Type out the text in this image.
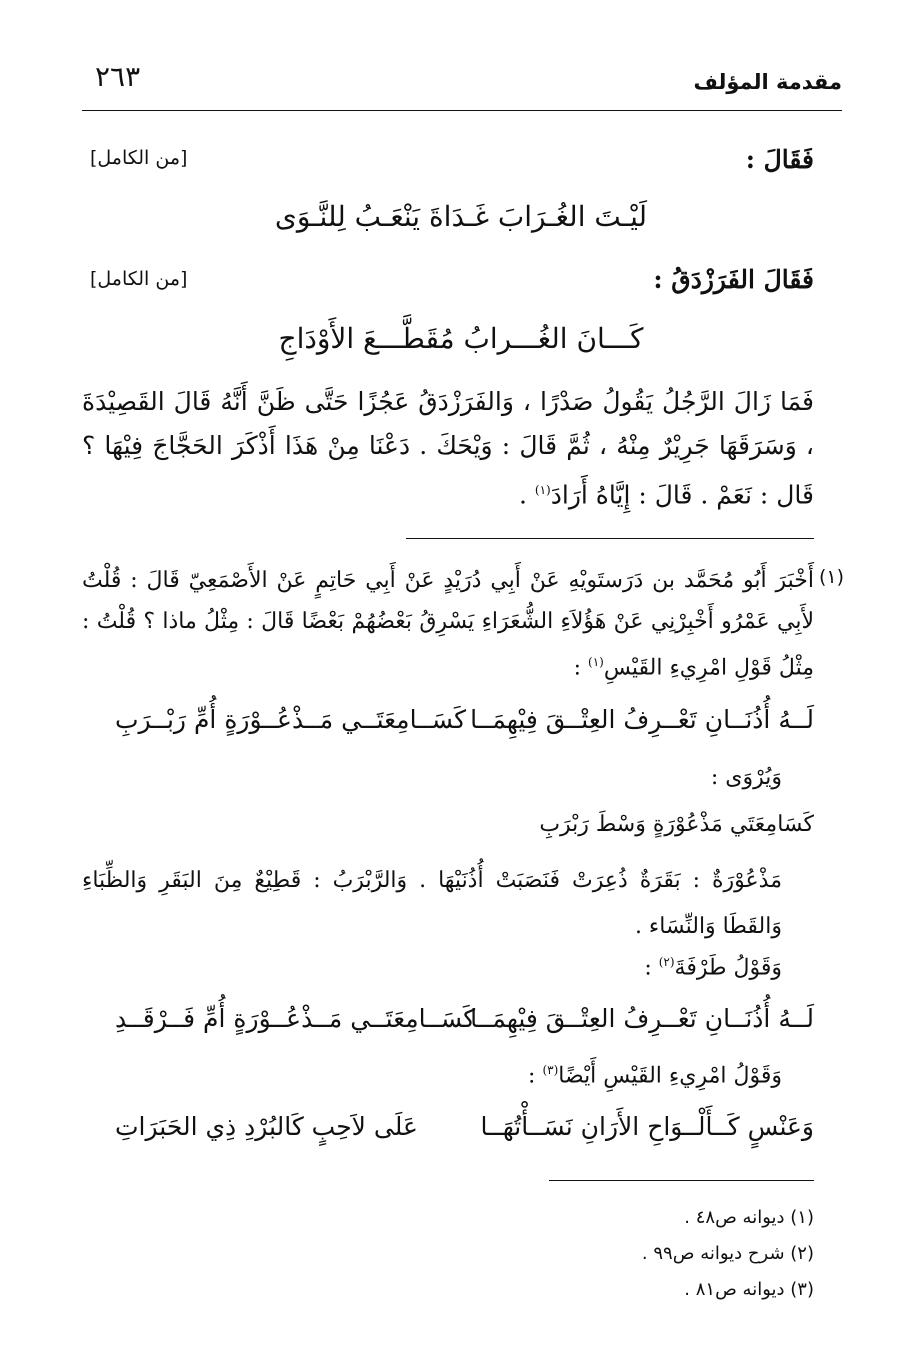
مقدمة المؤلف
٢٦٣
فَقَالَ :
[من الكامل]
لَيْـتَ الغُـرَابَ غَـدَاةَ يَنْعَـبُ لِلنَّـوَى
فَقَالَ الفَرَزْدَقُ :
[من الكامل]
كَـــانَ الغُـــرابُ مُقَطَّـــعَ الأَوْدَاجِ
فَمَا زَالَ الرَّجُلُ يَقُولُ صَدْرًا ، وَالفَرَزْدَقُ عَجُزًا حَتَّى ظَنَّ أَنَّهُ قَالَ القَصِيْدَةَ ، وَسَرَقَهَا جَرِيْرٌ مِنْهُ ، ثُمَّ قَالَ : وَيْحَكَ . دَعْنَا مِنْ هَذَا أَذْكَرَ الحَجَّاجَ فِيْهَا ؟ قَال : نَعَمْ . قَالَ : إِيَّاهُ أَرَادَ$^{(١)}$ .
(١)
أَخْبَرَ أَبُو مُحَمَّد بن دَرَستَويْهِ عَنْ أَبِي دُرَيْدٍ عَنْ أَبِي حَاتِمٍ عَنْ الأَصْمَعِيّ قَالَ : قُلْتُ لأَبِي عَمْرُو أَخْبِرْنِي عَنْ هَؤُلاَءِ الشُّعَرَاءِ يَسْرِقُ بَعْضُهُمْ بَعْضًا قَالَ : مِثْلُ ماذا ؟ قُلْتُ : مِثْلُ قَوْلِ امْرِيءِ القَيْسِ$^{(١)}$ :
لَــهُ أُذُنَــانِ تَعْــرِفُ العِتْــقَ فِيْهِمَــا
كَسَــامِعَتَــي مَــذْعُــوْرَةٍ أُمِّ رَبْــرَبِ
وَيُرْوَى :
كَسَامِعَتَي مَذْعُوْرَةٍ وَسْطَ رَبْرَبِ
مَذْعُوْرَةٌ : بَقَرَةٌ ذُعِرَتْ فَنَصَبَتْ أُذُنَيْهَا . وَالرَّبْرَبُ : قَطِيْعٌ مِنَ البَقَرِ وَالظِّبَاءِ وَالقَطَا وَالنِّسَاء .
وَقَوْلُ طَرْفَةَ$^{(٢)}$ :
لَــهُ أُذُنَــانِ تَعْــرِفُ العِتْــقَ فِيْهِمَــا
كَسَــامِعَتَــي مَــذْعُــوْرَةٍ أُمِّ فَــرْقَــدِ
وَقَوْلُ امْرِيءِ القَيْسِ أَيْضًا$^{(٣)}$ :
وَعَنْسٍ كَــأَلْــوَاحِ الأَرَانِ نَسَــأْتُهَــا
عَلَى لاَحِبٍ كَالبُرْدِ ذِي الحَبَرَاتِ
(١) ديوانه ص٤٨ .
(٢) شرح ديوانه ص٩٩ .
(٣) ديوانه ص٨١ .
